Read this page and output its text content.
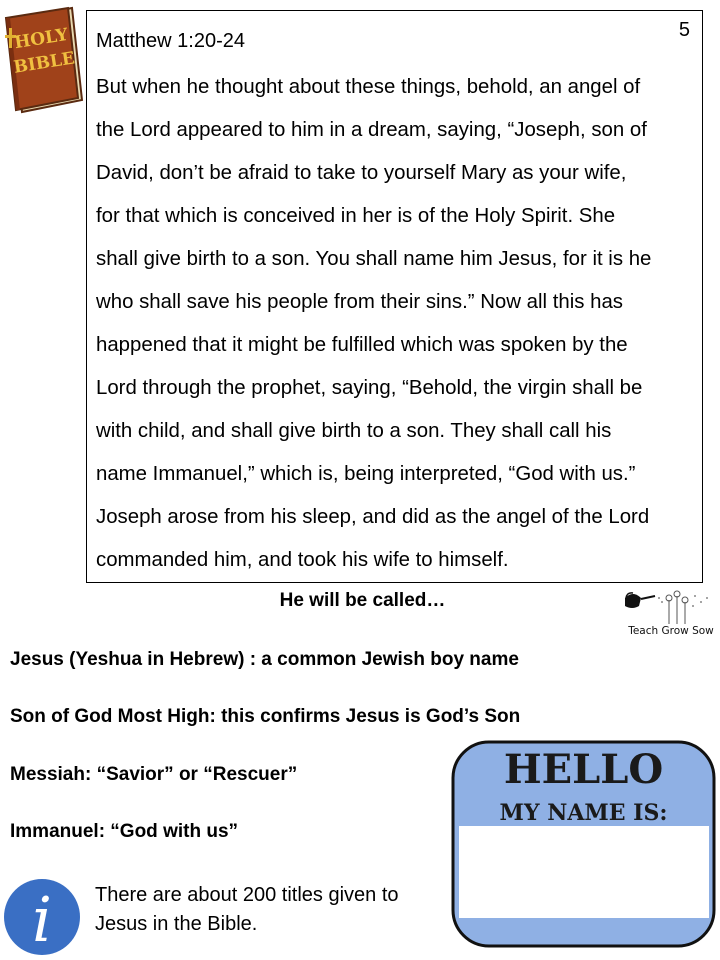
HOLY
BIBLE
5
Matthew 1:20-24
But when he thought about these things, behold, an angel of
the Lord appeared to him in a dream, saying, “Joseph, son of
David, don’t be afraid to take to yourself Mary as your wife,
for that which is conceived in her is of the Holy Spirit. She
shall give birth to a son. You shall name him Jesus, for it is he
who shall save his people from their sins.” Now all this has
happened that it might be fulfilled which was spoken by the
Lord through the prophet, saying, “Behold, the virgin shall be
with child, and shall give birth to a son. They shall call his
name Immanuel,” which is, being interpreted, “God with us.”
Joseph arose from his sleep, and did as the angel of the Lord
commanded him, and took his wife to himself.
He will be called…
Teach Grow Sow
Jesus (Yeshua in Hebrew) : a common Jewish boy name
Son of God Most High: this confirms Jesus is God’s Son
Messiah: “Savior” or “Rescuer”
Immanuel: “God with us”
i There are about 200 titles given to
Jesus in the Bible.
HELLO
MY NAME IS:
